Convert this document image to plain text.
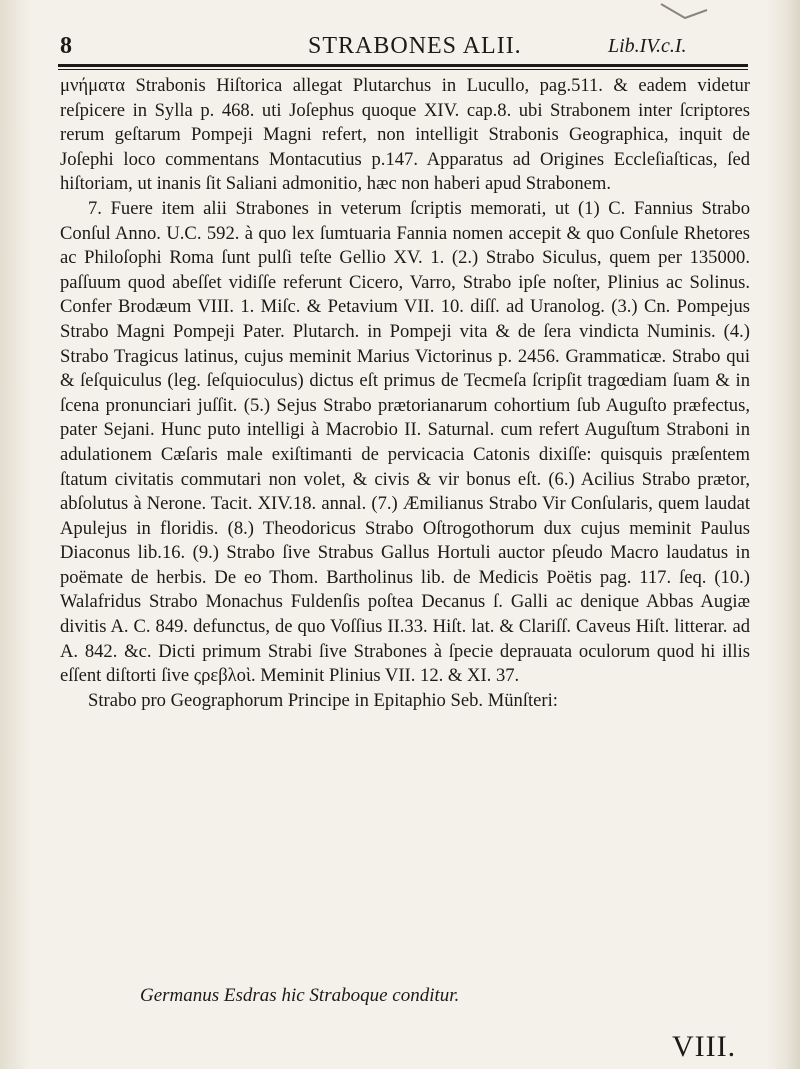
8	STRABONES ALII.	Lib.IV.c.I.

μνήματα Strabonis Hiſtorica allegat Plutarchus in Lucullo, pag.511. & eadem videtur reſpicere in Sylla p. 468. uti Joſephus quoque XIV. cap.8. ubi Strabonem inter ſcriptores rerum geſtarum Pompeji Magni refert, non intelligit Strabonis Geographica, inquit de Joſephi loco commentans Montacutius p.147. Apparatus ad Origines Eccleſiaſticas, ſed hiſtoriam, ut inanis ſit Saliani admonitio, hæc non haberi apud Strabonem.

7. Fuere item alii Strabones in veterum ſcriptis memorati, ut (1) C. Fannius Strabo Conſul Anno. U.C. 592. à quo lex ſumtuaria Fannia nomen accepit & quo Conſule Rhetores ac Philoſophi Roma ſunt pulſi teſte Gellio XV. 1. (2.) Strabo Siculus, quem per 135000. paſſuum quod abeſſet vidiſſe referunt Cicero, Varro, Strabo ipſe noſter, Plinius ac Solinus. Confer Brodæum VIII. 1. Miſc. & Petavium VII. 10. diſſ. ad Uranolog. (3.) Cn. Pompejus Strabo Magni Pompeji Pater. Plutarch. in Pompeji vita & de ſera vindicta Numinis. (4.) Strabo Tragicus latinus, cujus meminit Marius Victorinus p. 2456. Grammaticæ. Strabo qui & ſeſquiculus (leg. ſeſquioculus) dictus eſt primus de Tecmeſa ſcripſit tragœdiam ſuam & in ſcena pronunciari juſſit. (5.) Sejus Strabo prætorianarum cohortium ſub Auguſto præfectus, pater Sejani. Hunc puto intelligi à Macrobio II. Saturnal. cum refert Auguſtum Straboni in adulationem Cæſaris male exiſtimanti de pervicacia Catonis dixiſſe: quisquis præſentem ſtatum civitatis commutari non volet, & civis & vir bonus eſt. (6.) Acilius Strabo prætor, abſolutus à Nerone. Tacit. XIV.18. annal. (7.) Æmilianus Strabo Vir Conſularis, quem laudat Apulejus in floridis. (8.) Theodoricus Strabo Oſtrogothorum dux cujus meminit Paulus Diaconus lib.16. (9.) Strabo ſive Strabus Gallus Hortuli auctor pſeudo Macro laudatus in poëmate de herbis. De eo Thom. Bartholinus lib. de Medicis Poëtis pag. 117. ſeq. (10.) Walafridus Strabo Monachus Fuldenſis poſtea Decanus ſ. Galli ac denique Abbas Augiæ divitis A. C. 849. defunctus, de quo Voſſius II.33. Hiſt. lat. & Clariſſ. Caveus Hiſt. litterar. ad A. 842. &c. Dicti primum Strabi ſive Strabones à ſpecie deprauata oculorum quod hi illis eſſent diſtorti ſive ςρεβλοὶ. Meminit Plinius VII. 12. & XI. 37.

Strabo pro Geographorum Principe in Epitaphio Seb. Münſteri:

Germanus Esdras hic Straboque conditur.
VIII.
